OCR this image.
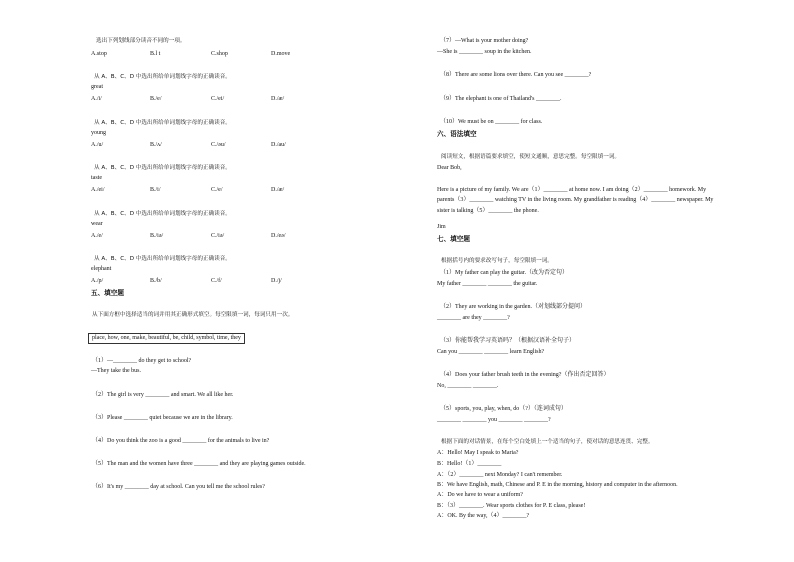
选出下列划线部分读音不同的一项。
A.stop	B.l t	C.shop	D.move
从 A、B、C、D 中选出所给单词划线字母的正确读音。
great
A./i/	B./e/	C./ei/	D./æ/
从 A、B、C、D 中选出所给单词划线字母的正确读音。
young
A./u/	B./ʌ/	C./əu/	D./au/
从 A、B、C、D 中选出所给单词划线字母的正确读音。
taste
A./ei/	B./i/	C./e/	D./æ/
从 A、B、C、D 中选出所给单词划线字母的正确读音。
wear
A./e/	B./iə/	C./iə/	D./eə/
从 A、B、C、D 中选出所给单词划线字母的正确读音。
elephant
A./p/	B./b/	C./f/	D./j/
五、填空题
从下面方框中选择适当的词并用其正确形式填空。每空限填一词，每词只用一次。
place, how, one, make, beautiful, be, child, symbol, time, they
（1）—________ do they get to school?
—They take the bus.
（2）The girl is very ________ and smart. We all like her.
（3）Please ________ quiet because we are in the library.
（4）Do you think the zoo is a good ________ for the animals to live in?
（5）The man and the women have three ________ and they are playing games outside.
（6）It's my ________ day at school. Can you tell me the school rules?
（7）—What is your mother doing?
—She is ________ soup in the kitchen.
（8）There are some lions over there. Can you see ________?
（9）The elephant is one of Thailand's ________.
（10）We must be on ________ for class.
六、语法填空
阅读短文，根据语篇要求填空，使短文通顺，意思完整。每空限填一词。
Dear Bob,
Here is a picture of my family. We are（1）________ at home now. I am doing（2）________ homework. My
parents（3）________ watching TV in the living room. My grandfather is reading（4）________ newspaper. My
sister is talking（5）________ the phone.
Jim
七、填空题
根据括号内的要求改写句子，每空限填一词。
（1）My father can play the guitar.（改为否定句）
My father ________ ________ the guitar.
（2）They are working in the garden.（对划线部分提问）
________ are they ________?
（3）你能帮我学习英语吗？（根据汉语补全句子）
Can you ________ ________ learn English?
（4）Does your father brush teeth in the evening?（作出否定回答）
No, ________ ________.
（5）sports, you, play, when, do（?）（连词成句）
________ ________ you ________ ________?
根据下面的对话情景，在每个空白处填上一个适当的句子，使对话的意思连贯、完整。
A：Hello! May I speak to Maria?
B：Hello!（1）________
A：（2）________ next Monday? I can't remember.
B：We have English, math, Chinese and P. E in the morning, history and computer in the afternoon.
A：Do we have to wear a uniform?
B：（3）________. Wear sports clothes for P. E class, please!
A：OK. By the way,（4）________?
